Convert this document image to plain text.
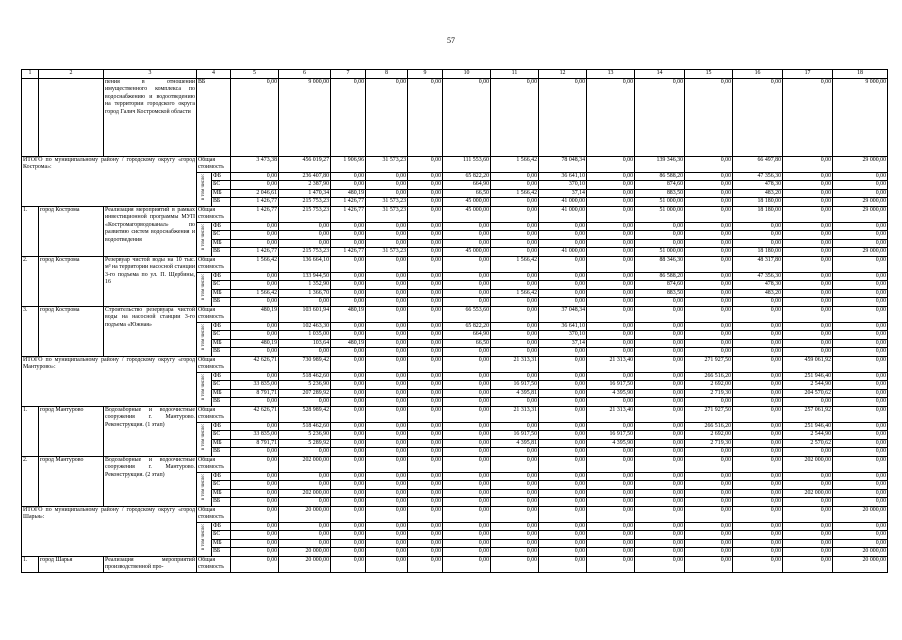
57
1	2	3	4		5	6	7	8	9	10	11	12	13	14	15	16	17	18
		пения в отношении имущественного комплекса по водоснабжению и водоотведению на территории городского округа город Галич Костромской области	ВБ		0,00	9 000,00	0,00	0,00	0,00	0,00	0,00	0,00	0,00	0,00	0,00	0,00	0,00	9 000,00
ИТОГО по муниципальному району / городскому округу «город Кострома»:			Общая стоимость		3 473,38	456 019,27	1 906,96	31 573,23	0,00	111 553,60	1 566,42	78 048,34	0,00	139 346,30	0,00	66 497,80	0,00	29 000,00
			в том числе:	ФБ	0,00	236 407,80	0,00	0,00	0,00	65 822,20	0,00	36 641,10	0,00	86 588,20	0,00	47 356,30	0,00	0,00
				БС	0,00	2 387,90	0,00	0,00	0,00	664,90	0,00	370,10	0,00	874,60	0,00	478,30	0,00	0,00
				МБ	2 046,61	1 470,34	480,19	0,00	0,00	66,50	1 566,42	37,14	0,00	883,50	0,00	483,20	0,00	0,00
				ВБ	1 426,77	215 753,23	1 426,77	31 573,23	0,00	45 000,00	0,00	41 000,00	0,00	51 000,00	0,00	18 180,00	0,00	29 000,00
1.	город Кострома	Реализация мероприятий в рамках инвестиционной программы МУП «Костромагорводоканал» по развитию систем водоснабжения и водоотведения	Общая стоимость		1 426,77	215 753,23	1 426,77	31 573,23	0,00	45 000,00	0,00	41 000,00	0,00	51 000,00	0,00	18 180,00	0,00	29 000,00
			в том числе:	ФБ	0,00	0,00	0,00	0,00	0,00	0,00	0,00	0,00	0,00	0,00	0,00	0,00	0,00	0,00
				БС	0,00	0,00	0,00	0,00	0,00	0,00	0,00	0,00	0,00	0,00	0,00	0,00	0,00	0,00
				МБ	0,00	0,00	0,00	0,00	0,00	0,00	0,00	0,00	0,00	0,00	0,00	0,00	0,00	0,00
				ВБ	1 426,77	215 753,23	1 426,77	31 573,23	0,00	45 000,00	0,00	41 000,00	0,00	51 000,00	0,00	18 180,00	0,00	29 000,00
2.	город Кострома	Резервуар чистой воды на 10 тыс. м³ на территории насосной станции 3-го подъема по ул. П. Щербины, 16	Общая стоимость		1 566,42	136 664,10	0,00	0,00	0,00	0,00	1 566,42	0,00	0,00	88 346,30	0,00	48 317,80	0,00	0,00
			в том числе:	ФБ	0,00	133 944,50	0,00	0,00	0,00	0,00	0,00	0,00	0,00	86 588,20	0,00	47 356,30	0,00	0,00
				БС	0,00	1 352,90	0,00	0,00	0,00	0,00	0,00	0,00	0,00	874,60	0,00	478,30	0,00	0,00
				МБ	1 566,42	1 366,70	0,00	0,00	0,00	0,00	1 566,42	0,00	0,00	883,50	0,00	483,20	0,00	0,00
				ВБ	0,00	0,00	0,00	0,00	0,00	0,00	0,00	0,00	0,00	0,00	0,00	0,00	0,00	0,00
3.	город Кострома	Строительство резервуара чистой воды на насосной станции 3-го подъема «Южная»	Общая стоимость		480,19	103 601,94	480,19	0,00	0,00	66 553,60	0,00	37 048,34	0,00	0,00	0,00	0,00	0,00	0,00
			в том числе:	ФБ	0,00	102 463,30	0,00	0,00	0,00	65 822,20	0,00	36 641,10	0,00	0,00	0,00	0,00	0,00	0,00
				БС	0,00	1 035,00	0,00	0,00	0,00	664,90	0,00	370,10	0,00	0,00	0,00	0,00	0,00	0,00
				МБ	480,19	103,64	480,19	0,00	0,00	66,50	0,00	37,14	0,00	0,00	0,00	0,00	0,00	0,00
				ВБ	0,00	0,00	0,00	0,00	0,00	0,00	0,00	0,00	0,00	0,00	0,00	0,00	0,00	0,00
ИТОГО по муниципальному району / городскому округу «город Мантурово»:			Общая стоимость		42 626,71	730 989,42	0,00	0,00	0,00	0,00	21 313,31	0,00	21 313,40	0,00	271 927,50	0,00	459 061,92	0,00
			в том числе:	ФБ	0,00	518 462,60	0,00	0,00	0,00	0,00	0,00	0,00	0,00	0,00	266 516,20	0,00	251 946,40	0,00
				БС	33 835,00	5 236,90	0,00	0,00	0,00	0,00	16 917,50	0,00	16 917,50	0,00	2 692,00	0,00	2 544,90	0,00
				МБ	8 791,71	207 289,92	0,00	0,00	0,00	0,00	4 395,81	0,00	4 395,90	0,00	2 719,30	0,00	204 570,62	0,00
				ВБ	0,00	0,00	0,00	0,00	0,00	0,00	0,00	0,00	0,00	0,00	0,00	0,00	0,00	0,00
1.	город Мантурово	Водозаборные и водоочистные сооружения г. Мантурово. Реконструкция. (1 этап)	Общая стоимость		42 626,71	528 989,42	0,00	0,00	0,00	0,00	21 313,31	0,00	21 313,40	0,00	271 927,50	0,00	257 061,92	0,00
			в том числе:	ФБ	0,00	518 462,60	0,00	0,00	0,00	0,00	0,00	0,00	0,00	0,00	266 516,20	0,00	251 946,40	0,00
				БС	33 835,00	5 236,90	0,00	0,00	0,00	0,00	16 917,50	0,00	16 917,50	0,00	2 692,00	0,00	2 544,90	0,00
				МБ	8 791,71	5 289,92	0,00	0,00	0,00	0,00	4 395,81	0,00	4 395,90	0,00	2 719,30	0,00	2 570,62	0,00
				ВБ	0,00	0,00	0,00	0,00	0,00	0,00	0,00	0,00	0,00	0,00	0,00	0,00	0,00	0,00
2.	город Мантурово	Водозаборные и водоочистные сооружения г. Мантурово. Реконструкция. (2 этап)	Общая стоимость		0,00	202 000,00	0,00	0,00	0,00	0,00	0,00	0,00	0,00	0,00	0,00	0,00	202 000,00	0,00
			в том числе:	ФБ	0,00	0,00	0,00	0,00	0,00	0,00	0,00	0,00	0,00	0,00	0,00	0,00	0,00	0,00
				БС	0,00	0,00	0,00	0,00	0,00	0,00	0,00	0,00	0,00	0,00	0,00	0,00	0,00	0,00
				МБ	0,00	202 000,00	0,00	0,00	0,00	0,00	0,00	0,00	0,00	0,00	0,00	0,00	202 000,00	0,00
				ВБ	0,00	0,00	0,00	0,00	0,00	0,00	0,00	0,00	0,00	0,00	0,00	0,00	0,00	0,00
ИТОГО по муниципальному району / городскому округу «город Шарья»:			Общая стоимость		0,00	20 000,00	0,00	0,00	0,00	0,00	0,00	0,00	0,00	0,00	0,00	0,00	0,00	20 000,00
			в том числе:	ФБ	0,00	0,00	0,00	0,00	0,00	0,00	0,00	0,00	0,00	0,00	0,00	0,00	0,00	0,00
				БС	0,00	0,00	0,00	0,00	0,00	0,00	0,00	0,00	0,00	0,00	0,00	0,00	0,00	0,00
				МБ	0,00	0,00	0,00	0,00	0,00	0,00	0,00	0,00	0,00	0,00	0,00	0,00	0,00	0,00
				ВБ	0,00	20 000,00	0,00	0,00	0,00	0,00	0,00	0,00	0,00	0,00	0,00	0,00	0,00	20 000,00
1.	город Шарья	Реализация мероприятий производственной про-	Общая стоимость		0,00	20 000,00	0,00	0,00	0,00	0,00	0,00	0,00	0,00	0,00	0,00	0,00	0,00	20 000,00
